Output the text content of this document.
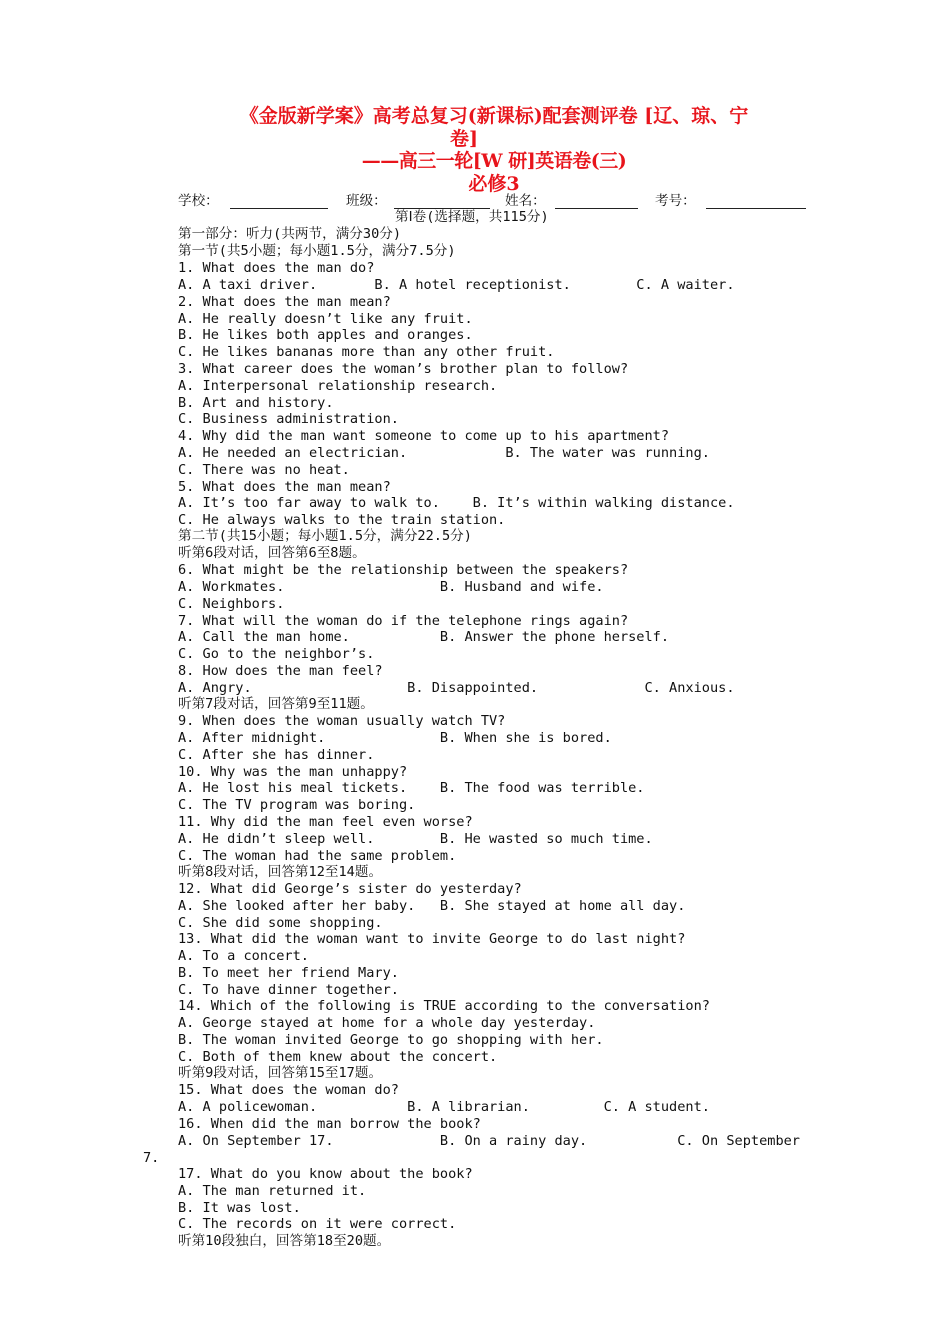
《金版新学案》高考总复习(新课标)配套测评卷 [辽、琼、宁
卷]
——高三一轮[W 研]英语卷(三)
必修3
学校：	班级：	姓名：	考号：
第Ⅰ卷(选择题，共115分)
第一部分：听力(共两节，满分30分)
第一节(共5小题；每小题1.5分，满分7.5分)
1. What does the man do?
A. A taxi driver.       B. A hotel receptionist.        C. A waiter.
2. What does the man mean?
A. He really doesn’t like any fruit.
B. He likes both apples and oranges.
C. He likes bananas more than any other fruit.
3. What career does the woman’s brother plan to follow?
A. Interpersonal relationship research.
B. Art and history.
C. Business administration.
4. Why did the man want someone to come up to his apartment?
A. He needed an electrician.            B. The water was running.
C. There was no heat.
5. What does the man mean?
A. It’s too far away to walk to.    B. It’s within walking distance.
C. He always walks to the train station.
第二节(共15小题；每小题1.5分，满分22.5分)
听第6段对话，回答第6至8题。
6. What might be the relationship between the speakers?
A. Workmates.                   B. Husband and wife.
C. Neighbors.
7. What will the woman do if the telephone rings again?
A. Call the man home.           B. Answer the phone herself.
C. Go to the neighbor’s.
8. How does the man feel?
A. Angry.                   B. Disappointed.             C. Anxious.
听第7段对话，回答第9至11题。
9. When does the woman usually watch TV?
A. After midnight.              B. When she is bored.
C. After she has dinner.
10. Why was the man unhappy?
A. He lost his meal tickets.    B. The food was terrible.
C. The TV program was boring.
11. Why did the man feel even worse?
A. He didn’t sleep well.        B. He wasted so much time.
C. The woman had the same problem.
听第8段对话，回答第12至14题。
12. What did George’s sister do yesterday?
A. She looked after her baby.   B. She stayed at home all day.
C. She did some shopping.
13. What did the woman want to invite George to do last night?
A. To a concert.
B. To meet her friend Mary.
C. To have dinner together.
14. Which of the following is TRUE according to the conversation?
A. George stayed at home for a whole day yesterday.
B. The woman invited George to go shopping with her.
C. Both of them knew about the concert.
听第9段对话，回答第15至17题。
15. What does the woman do?
A. A policewoman.           B. A librarian.         C. A student.
16. When did the man borrow the book?
A. On September 17.             B. On a rainy day.           C. On September
7.
17. What do you know about the book?
A. The man returned it.
B. It was lost.
C. The records on it were correct.
听第10段独白，回答第18至20题。
